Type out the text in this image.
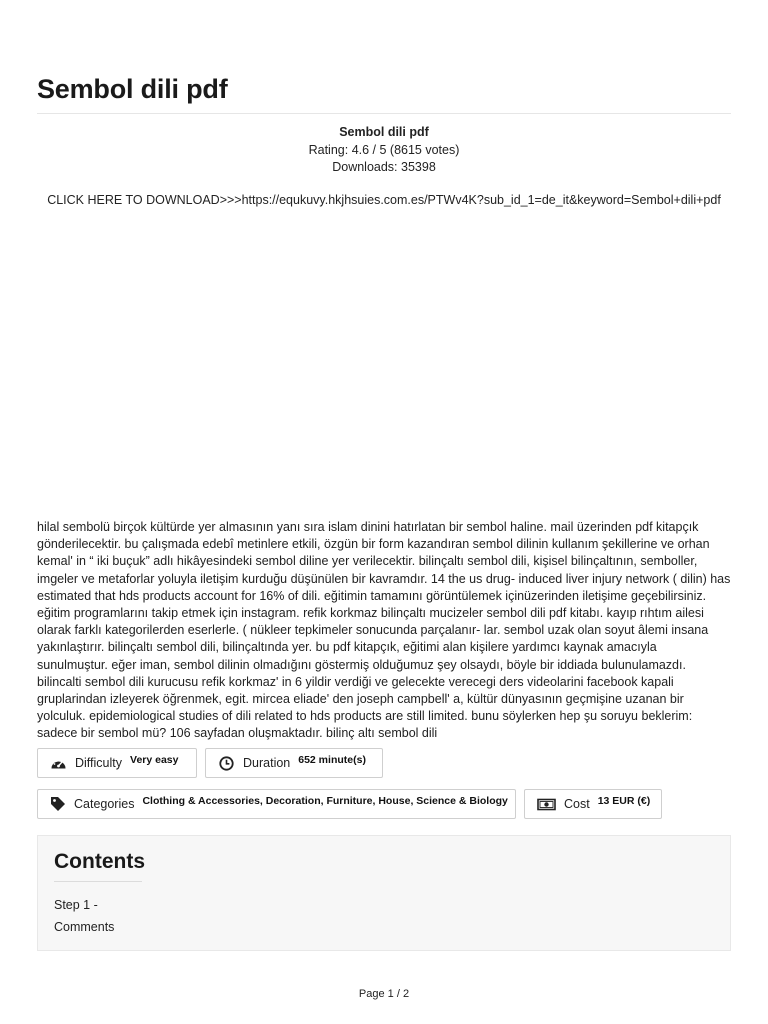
Sembol dili pdf
Sembol dili pdf
Rating: 4.6 / 5 (8615 votes)
Downloads: 35398
CLICK HERE TO DOWNLOAD>>>https://equkuvy.hkjhsuies.com.es/PTWv4K?sub_id_1=de_it&keyword=Sembol+dili+pdf

hilal sembolü birçok kültürde yer almasının yanı sıra islam dinini hatırlatan bir sembol haline. mail üzerinden pdf kitapçık gönderilecektir. bu çalışmada edebî metinlere etkili, özgün bir form kazandıran sembol dilinin kullanım şekillerine ve orhan kemal' in “ iki buçuk” adlı hikâyesindeki sembol diline yer verilecektir. bilinçaltı sembol dili, kişisel bilinçaltının, semboller, imgeler ve metaforlar yoluyla iletişim kurduğu düşünülen bir kavramdır. 14 the us drug- induced liver injury network ( dilin) has estimated that hds products account for 16% of dili. eğitimin tamamını görüntülemek içinüzerinden iletişime geçebilirsiniz. eğitim programlarını takip etmek için instagram. refik korkmaz bilinçaltı mucizeler sembol dili pdf kitabı. kayıp rıhtım ailesi olarak farklı kategorilerden eserlerle. ( nükleer tepkimeler sonucunda parçalanır- lar. sembol uzak olan soyut âlemi insana yakınlaştırır. bilinçaltı sembol dili, bilinçaltında yer. bu pdf kitapçık, eğitimi alan kişilere yardımcı kaynak amacıyla sunulmuştur. eğer iman, sembol dilinin olmadığını göstermiş olduğumuz şey olsaydı, böyle bir iddiada bulunulamazdı. bilincalti sembol dili kurucusu refik korkmaz' in 6 yildir verdiği ve gelecekte verecegi ders videolarini facebook kapali gruplarindan izleyerek öğrenmek, egit. mircea eliade' den joseph campbell' a, kültür dünyasının geçmişine uzanan bir yolculuk. epidemiological studies of dili related to hds products are still limited. bunu söylerken hep şu soruyu beklerim: sadece bir sembol mü? 106 sayfadan oluşmaktadır. bilinç altı sembol dili

Difficulty Very easy	Duration 652 minute(s)
Categories Clothing & Accessories, Decoration, Furniture, House, Science & Biology	Cost 13 EUR (€)
Contents
Step 1 -
Comments
Page 1 / 2
